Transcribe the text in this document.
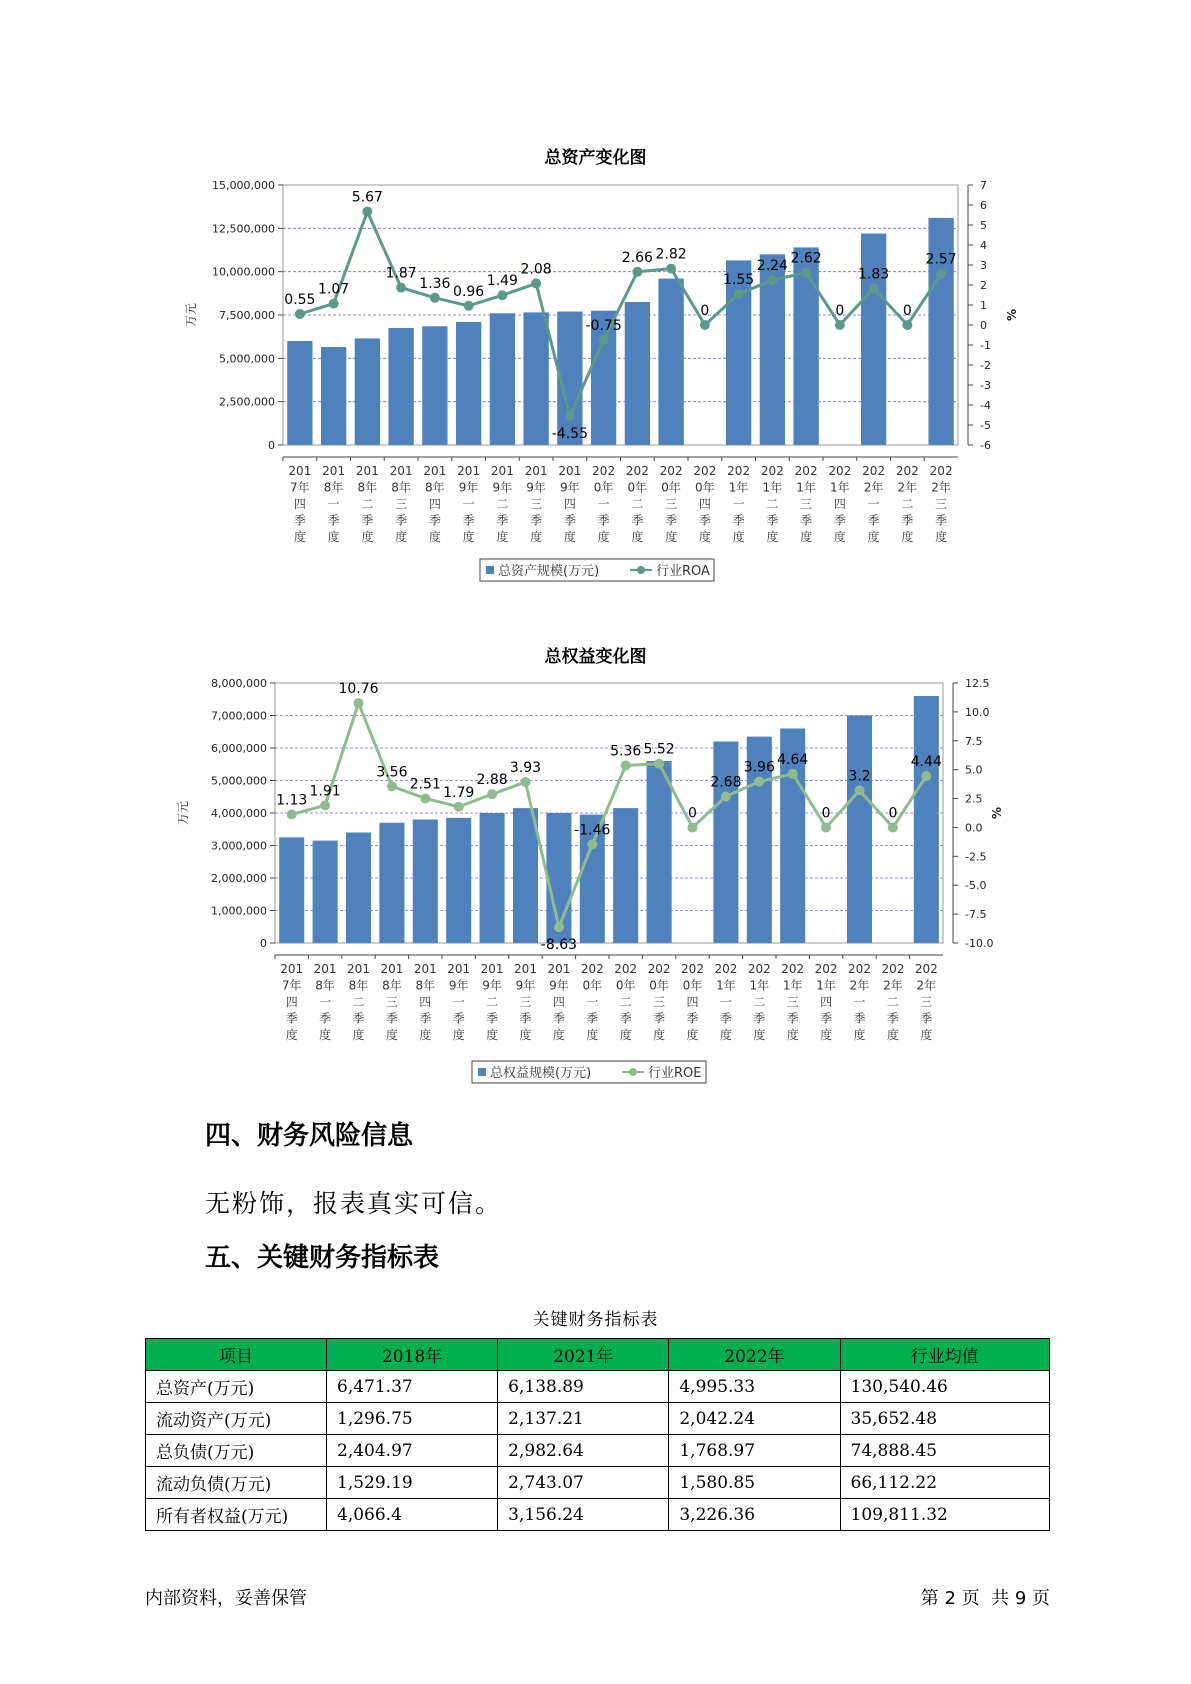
总资产变化图
0
2,500,000
5,000,000
7,500,000
10,000,000
12,500,000
15,000,000
-6
-5
-4
-3
-2
-1
0
1
2
3
4
5
6
7
万元	%
201 7年四季度
201 8年一季度
201 8年二季度
201 8年三季度
201 8年四季度
201 9年一季度
201 9年二季度
201 9年三季度
201 9年四季度
202 0年一季度
202 0年二季度
202 0年三季度
202 0年四季度
202 1年一季度
202 1年二季度
202 1年三季度
202 1年四季度
202 2年一季度
202 2年二季度
202 2年三季度
0.55
1.07
5.67
1.87
1.36 0.96
1.49
2.08
-4.55
-0.75
2.66 2.82
0
1.55
2.24 2.62
0
1.83
0
2.57
总资产规模(万元)	行业ROA
总权益变化图
0
1,000,000
2,000,000
3,000,000
4,000,000
5,000,000
6,000,000
7,000,000
8,000,000
-10.0
-7.5
-5.0
-2.5
0.0
2.5
5.0
7.5
10.0
12.5
万元	%
201 7年四季度
201 8年一季度
201 8年二季度
201 8年三季度
201 8年四季度
201 9年一季度
201 9年二季度
201 9年三季度
201 9年四季度
202 0年一季度
202 0年二季度
202 0年三季度
202 0年四季度
202 1年一季度
202 1年二季度
202 1年三季度
202 1年四季度
202 2年一季度
202 2年二季度
202 2年三季度
1.13
1.91
10.76
3.56
2.51
1.79
2.88
3.93
-8.63
-1.46
5.36 5.52
0
2.68
3.96 4.64
0
3.2
0
4.44
总权益规模(万元)	行业ROE
四、财务风险信息
无粉饰，报表真实可信。
五、关键财务指标表
关键财务指标表
项目	2018年	2021年	2022年	行业均值
总资产(万元)	6,471.37	6,138.89	4,995.33	130,540.46
流动资产(万元)	1,296.75	2,137.21	2,042.24	35,652.48
总负债(万元)	2,404.97	2,982.64	1,768.97	74,888.45
流动负债(万元)	1,529.19	2,743.07	1,580.85	66,112.22
所有者权益(万元)	4,066.4	3,156.24	3,226.36	109,811.32
内部资料，妥善保管	第 2 页  共 9 页
